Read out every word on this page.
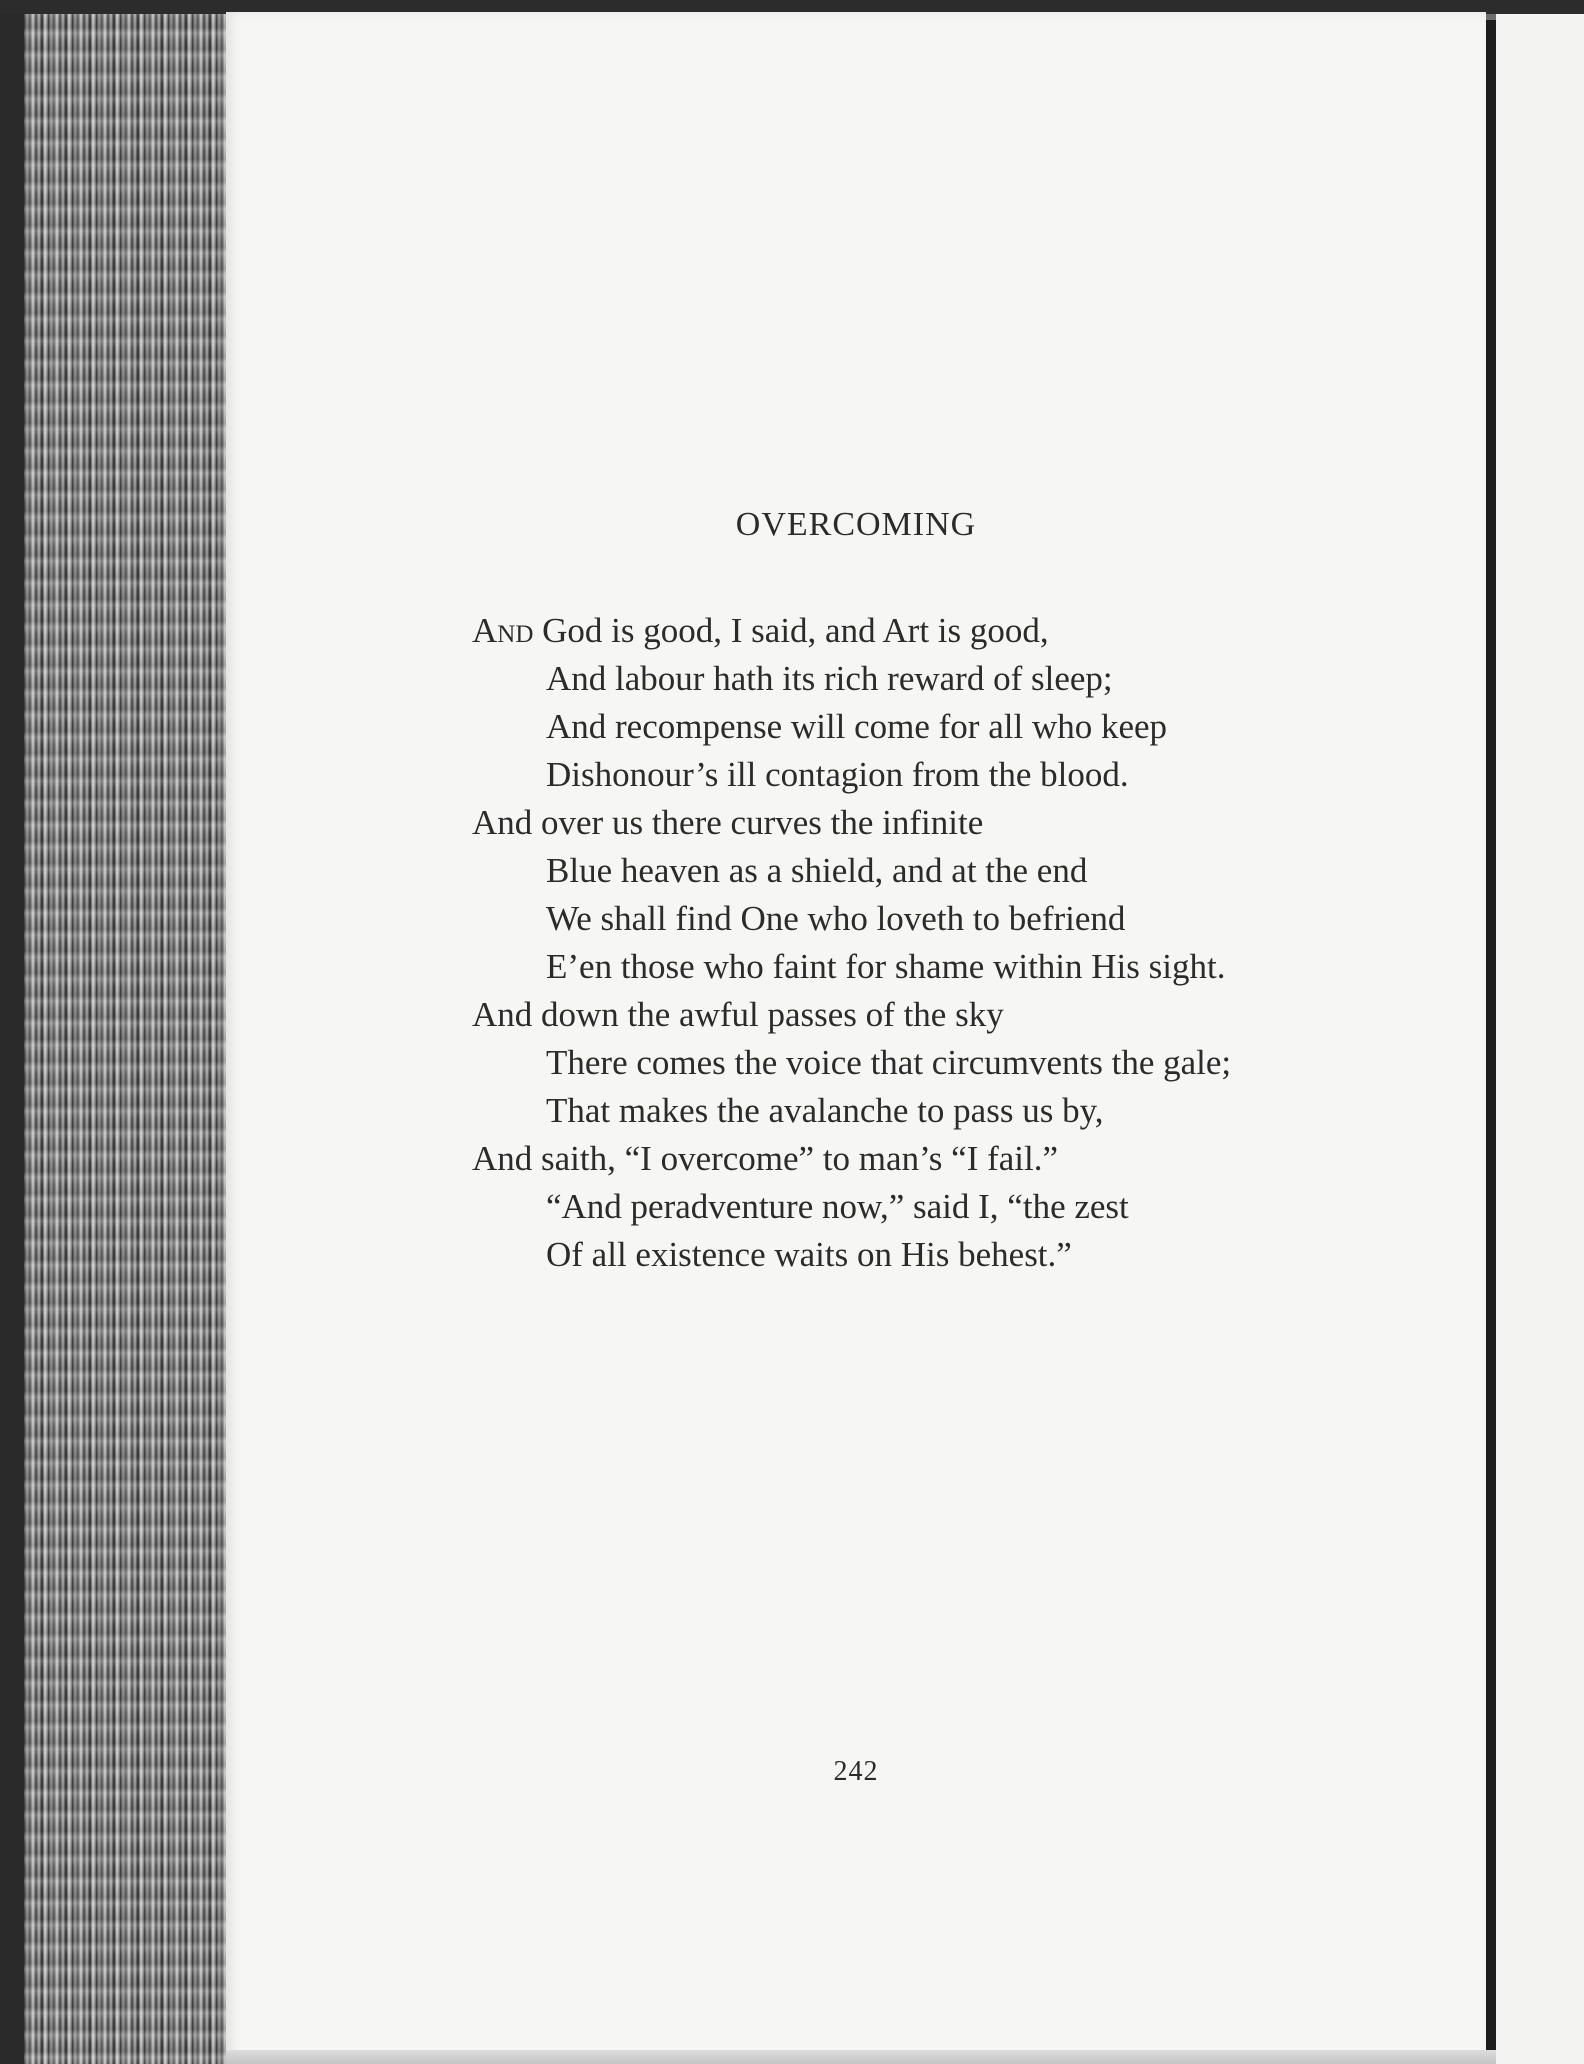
OVERCOMING
And God is good, I said, and Art is good,
And labour hath its rich reward of sleep;
And recompense will come for all who keep
Dishonour’s ill contagion from the blood.
And over us there curves the infinite
Blue heaven as a shield, and at the end
We shall find One who loveth to befriend
E’en those who faint for shame within His sight.
And down the awful passes of the sky
There comes the voice that circumvents the gale;
That makes the avalanche to pass us by,
And saith, “I overcome” to man’s “I fail.”
“And peradventure now,” said I, “the zest
Of all existence waits on His behest.”
242
